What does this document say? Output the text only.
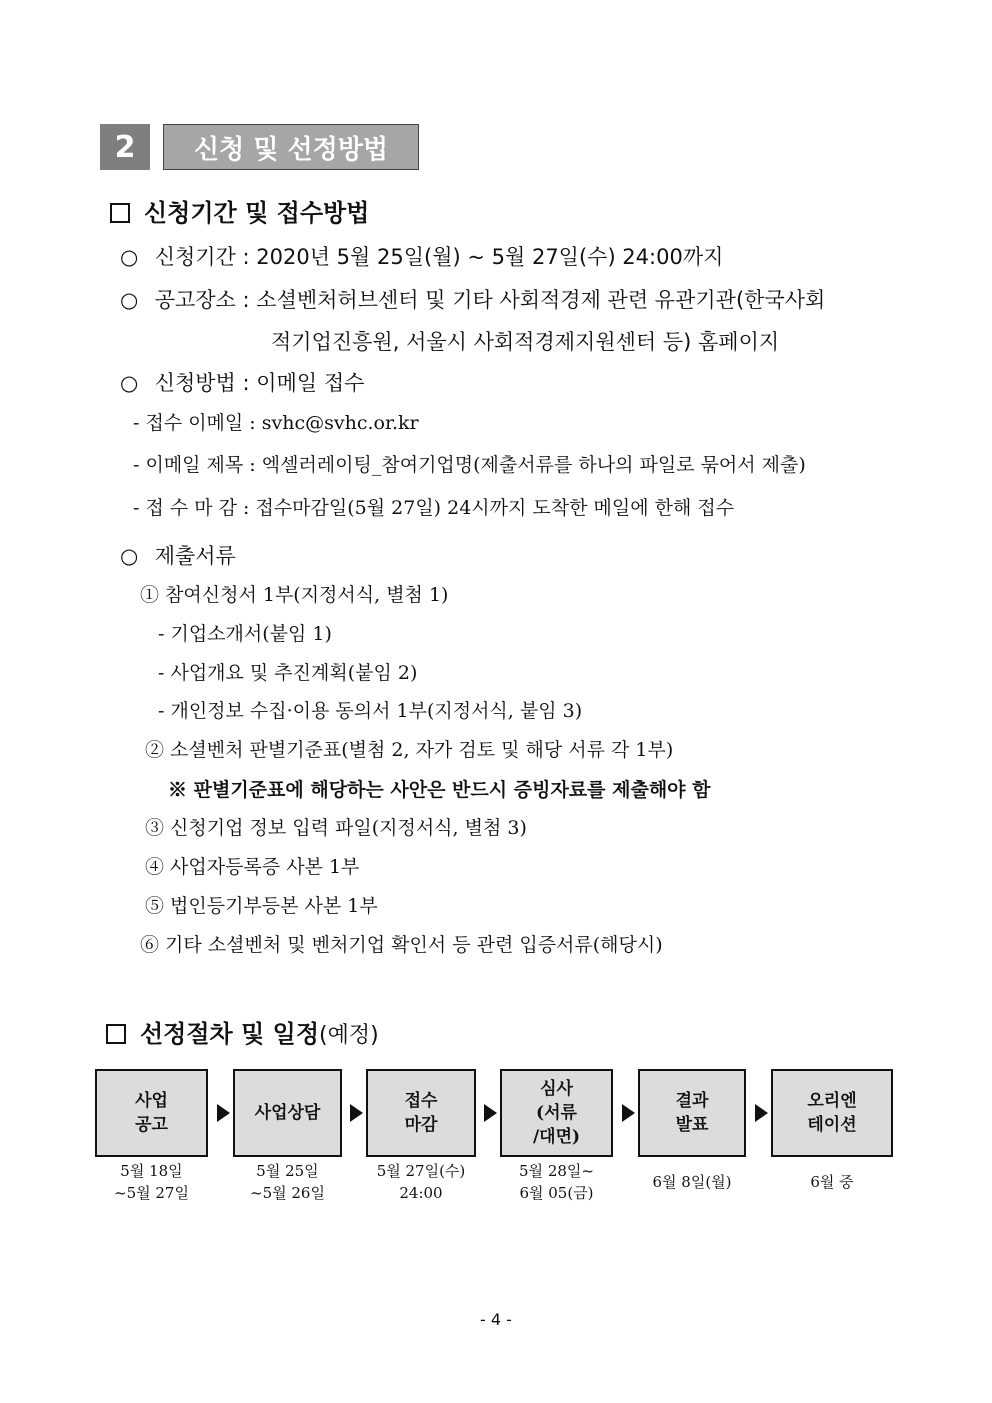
2	신청 및 선정방법
신청기간 및 접수방법
○ 신청기간 : 2020년 5월 25일(월) ~ 5월 27일(수) 24:00까지
○ 공고장소 : 소셜벤처허브센터 및 기타 사회적경제 관련 유관기관(한국사회
적기업진흥원, 서울시 사회적경제지원센터 등) 홈페이지
○ 신청방법 : 이메일 접수
- 접수 이메일 : svhc@svhc.or.kr
- 이메일 제목 : 엑셀러레이팅_참여기업명(제출서류를 하나의 파일로 묶어서 제출)
- 접 수 마 감 : 접수마감일(5월 27일) 24시까지 도착한 메일에 한해 접수
○ 제출서류
① 참여신청서 1부(지정서식, 별첨 1)
- 기업소개서(붙임 1)
- 사업개요 및 추진계획(붙임 2)
- 개인정보 수집·이용 동의서 1부(지정서식, 붙임 3)
② 소셜벤처 판별기준표(별첨 2, 자가 검토 및 해당 서류 각 1부)
※ 판별기준표에 해당하는 사안은 반드시 증빙자료를 제출해야 함
③ 신청기업 정보 입력 파일(지정서식, 별첨 3)
④ 사업자등록증 사본 1부
⑤ 법인등기부등본 사본 1부
⑥ 기타 소셜벤처 및 벤처기업 확인서 등 관련 입증서류(해당시)
선정절차 및 일정(예정)
사업
공고
사업상담
접수
마감
심사
(서류
/대면)
결과
발표
오리엔
테이션
5월 18일
~5월 27일
5월 25일
~5월 26일
5월 27일(수)
24:00
5월 28일~
6월 05(금)
6월 8일(월)	6월 중
- 4 -
